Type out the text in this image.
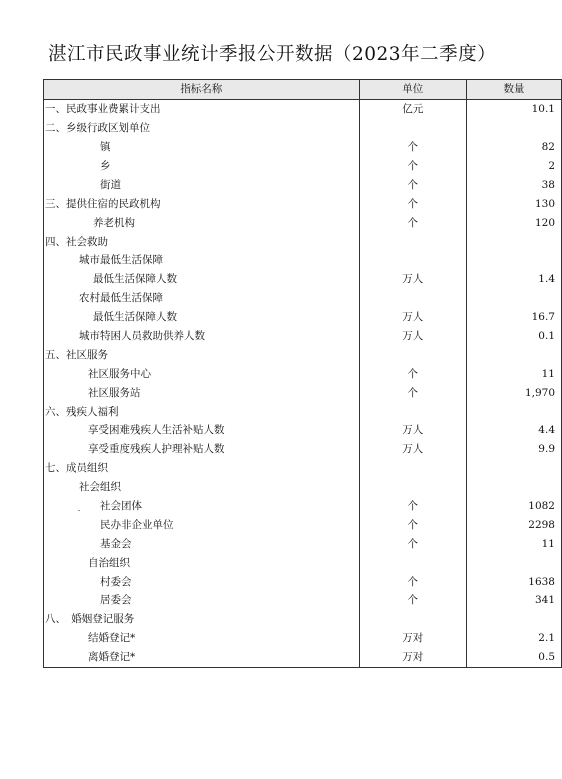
湛江市民政事业统计季报公开数据（2023年二季度）
指标名称	单位	数量
一、民政事业费累计支出	亿元	10.1
二、乡级行政区划单位		
镇	个	82
乡	个	2
街道	个	38
三、提供住宿的民政机构	个	130
养老机构	个	120
四、社会救助		
城市最低生活保障		
最低生活保障人数	万人	1.4
农村最低生活保障		
最低生活保障人数	万人	16.7
城市特困人员救助供养人数	万人	0.1
五、社区服务		
社区服务中心	个	11
社区服务站	个	1,970
六、残疾人福利		
享受困难残疾人生活补贴人数	万人	4.4
享受重度残疾人护理补贴人数	万人	9.9
七、成员组织		
社会组织		
社会团体	个	1082
民办非企业单位	个	2298
基金会	个	11
自治组织		
村委会	个	1638
居委会	个	341
八、　婚姻登记服务		
结婚登记*	万对	2.1
离婚登记*	万对	0.5
